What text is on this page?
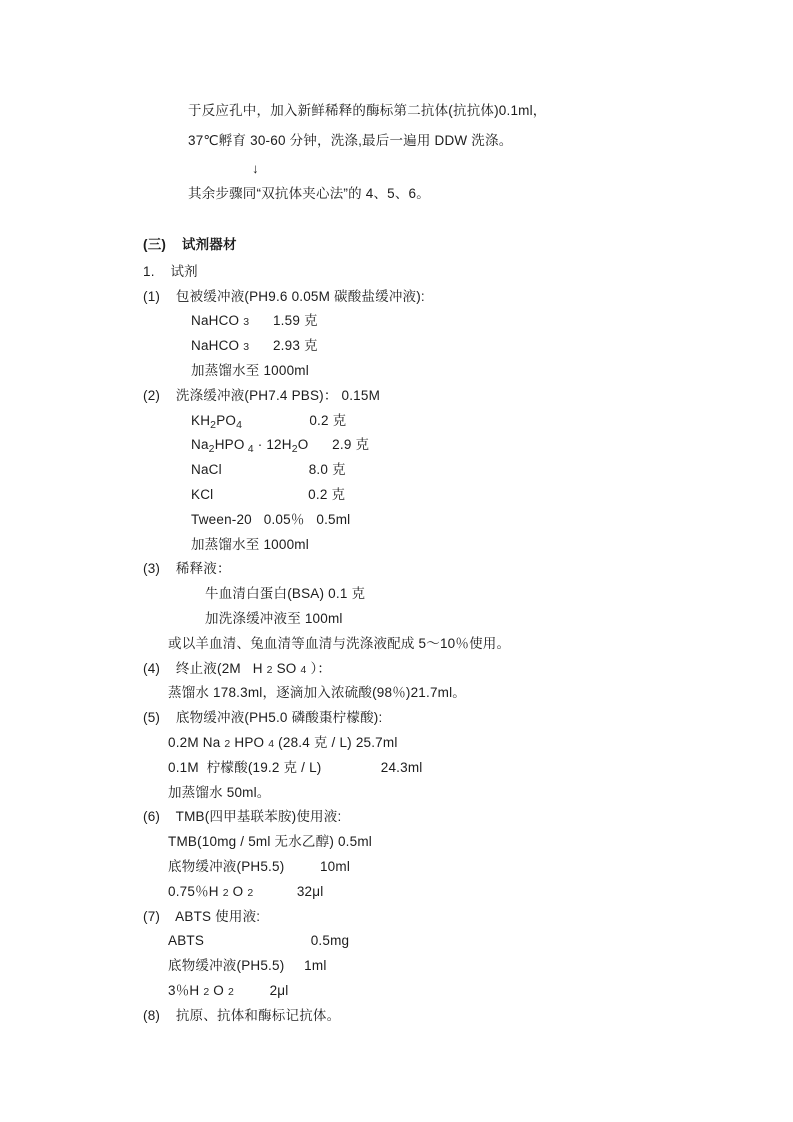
于反应孔中，加入新鲜稀释的酶标第二抗体(抗抗体)0.1ml，
37℃孵育 30-60 分钟，洗涤,最后一遍用 DDW 洗涤。
↓
其余步骤同“双抗体夹心法”的 4、5、6。
(三)    试剂器材
1.    试剂
(1)    包被缓冲液(PH9.6 0.05M 碳酸盐缓冲液):
NaHCO 3      1.59 克
NaHCO 3      2.93 克
加蒸馏水至 1000ml
(2)    洗涤缓冲液(PH7.4 PBS)： 0.15M
$KH_2PO_4$                 0.2 克
$Na_2HPO$ $_4 \cdot 12H_2O$      2.9 克
NaCl                      8.0 克
KCl                        0.2 克
Tween-20   0.05％   0.5ml
加蒸馏水至 1000ml
(3)    稀释液：
牛血清白蛋白(BSA) 0.1 克
加洗涤缓冲液至 100ml
或以羊血清、兔血清等血清与洗涤液配成 5～10％使用。
(4)    终止液(2M   H 2 SO 4 ）：
蒸馏水 178.3ml，逐滴加入浓硫酸(98％)21.7ml。
(5)    底物缓冲液(PH5.0 磷酸棗柠檬酸):
0.2M Na 2 HPO 4 (28.4 克 / L) 25.7ml
0.1M  柠檬酸(19.2 克 / L)               24.3ml
加蒸馏水 50ml。
(6)    TMB(四甲基联苯胺)使用液:
TMB(10mg / 5ml 无水乙醇) 0.5ml
底物缓冲液(PH5.5)         10ml
0.75％H 2 O 2           32μl
(7)    ABTS 使用液:
ABTS                           0.5mg
底物缓冲液(PH5.5)     1ml
3％H 2 O 2         2μl
(8)    抗原、抗体和酶标记抗体。
